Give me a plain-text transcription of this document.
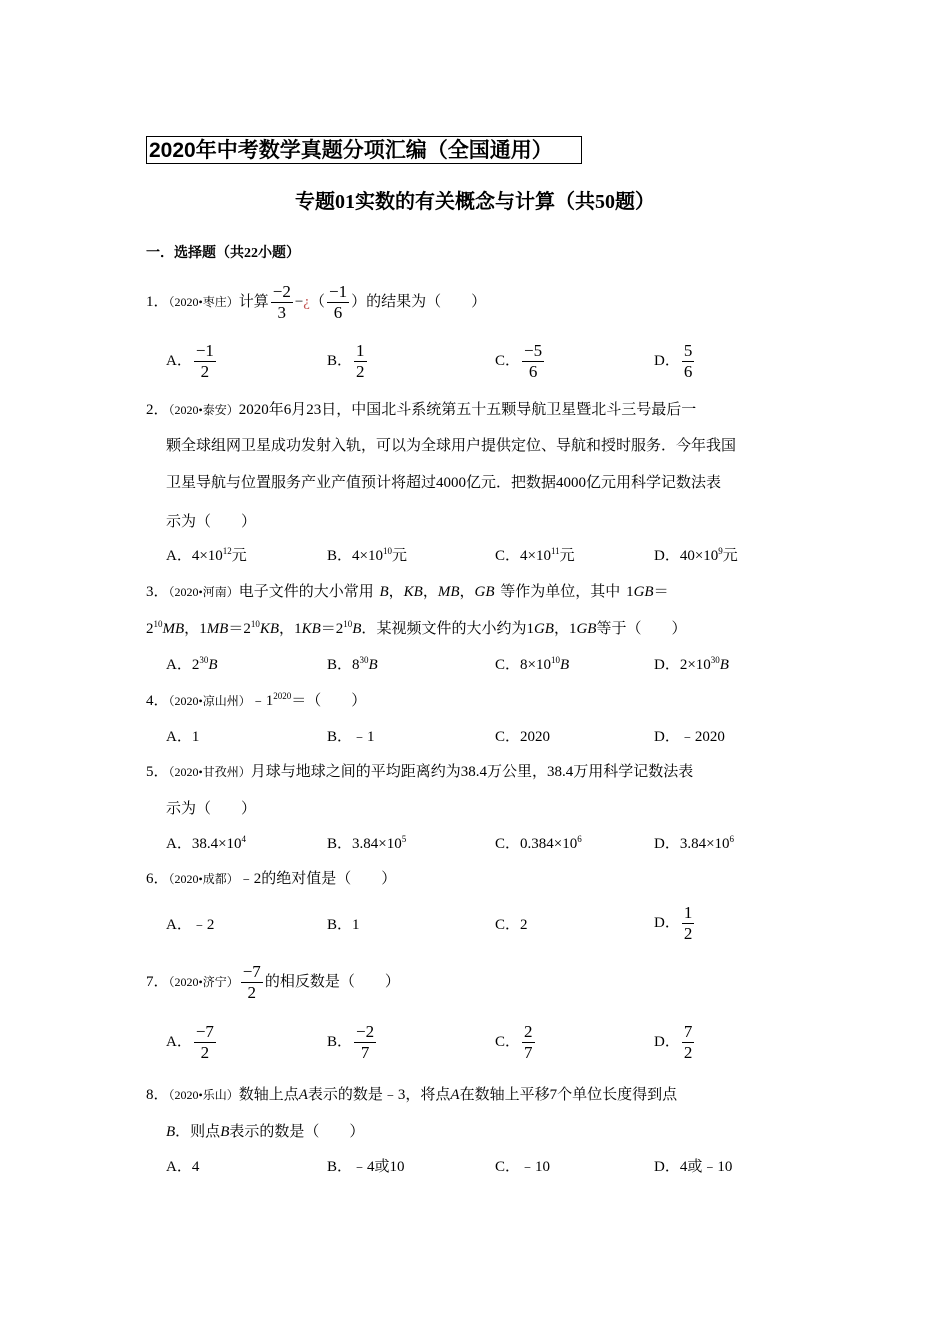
2020年中考数学真题分项汇编（全国通用）
专题01实数的有关概念与计算（共50题）
一．选择题（共22小题）
1．（2020•枣庄）计算 $\frac{-2}{3}$ −¿（ $\frac{-1}{6}$ ）的结果为（　　）
A． $\frac{-1}{2}$	B． $\frac{1}{2}$	C． $\frac{-5}{6}$	D． $\frac{5}{6}$
2．（2020•泰安）2020年6月23日，中国北斗系统第五十五颗导航卫星暨北斗三号最后一
颗全球组网卫星成功发射入轨，可以为全球用户提供定位、导航和授时服务．今年我国
卫星导航与位置服务产业产值预计将超过4000亿元．把数据4000亿元用科学记数法表
示为（　　）
A．$4\times 10^{12}$元	B．$4\times 10^{10}$元	C．$4\times 10^{11}$元	D．$40\times 10^9$元
3．（2020•河南）电子文件的大小常用 B，KB，MB，GB 等作为单位，其中 1GB＝
$2^{10}MB$，$1MB=2^{10}KB$，$1KB=2^{10}B$．某视频文件的大小约为1GB，1GB等于（　　）
A．$2^{30}B$	B．$8^{30}B$	C．$8\times 10^{10}B$	D．$2\times 10^{30}B$
4．（2020•凉山州）$﹣1^{2020}=$（　　）
A．1	B．﹣1	C．2020	D．﹣2020
5．（2020•甘孜州）月球与地球之间的平均距离约为38.4万公里，38.4万用科学记数法表
示为（　　）
A．$38.4\times 10^4$	B．$3.84\times 10^5$	C．$0.384\times 10^6$	D．$3.84\times 10^6$
6．（2020•成都）﹣2的绝对值是（　　）
A．﹣2	B．1	C．2	D． $\frac{1}{2}$
7．（2020•济宁） $\frac{-7}{2}$ 的相反数是（　　）
A． $\frac{-7}{2}$	B． $\frac{-2}{7}$	C． $\frac{2}{7}$	D． $\frac{7}{2}$
8．（2020•乐山）数轴上点A表示的数是﹣3，将点A在数轴上平移7个单位长度得到点
B．则点B表示的数是（　　）
A．4	B．﹣4或10	C．﹣10	D．4或﹣10
